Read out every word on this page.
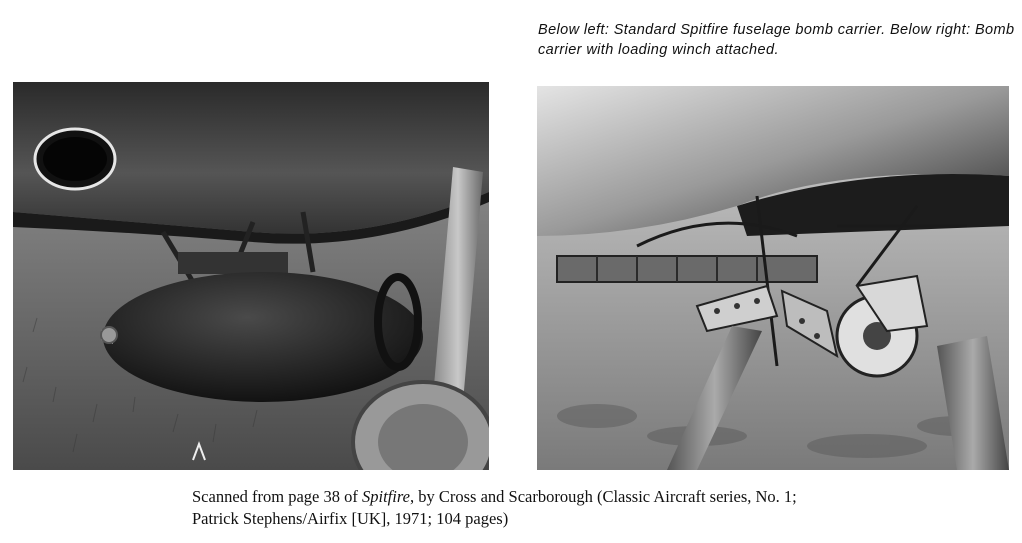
Below left: Standard Spitfire fuselage bomb carrier. Below right: Bomb carrier with loading winch attached.
Scanned from page 38 of Spitfire, by Cross and Scarborough (Classic Aircraft series, No. 1;
Patrick Stephens/Airfix [UK], 1971; 104 pages)
